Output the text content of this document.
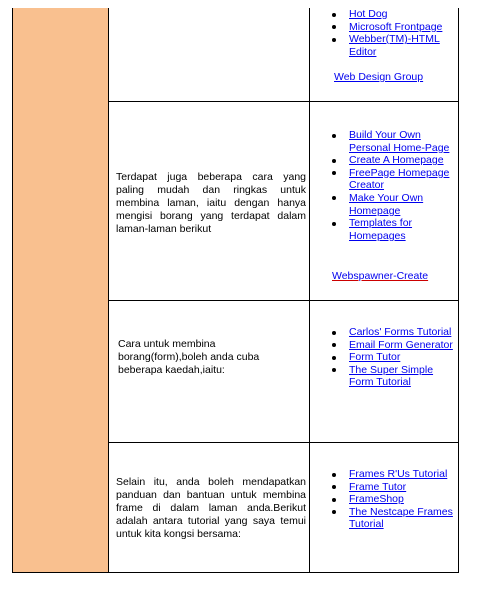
Hot Dog
Microsoft Frontpage
Webber(TM)-HTML Editor
Web Design Group
Terdapat juga beberapa cara yang paling mudah dan ringkas untuk membina laman, iaitu dengan hanya mengisi borang yang terdapat dalam laman-laman berikut
Build Your Own Personal Home-Page
Create A Homepage
FreePage Homepage Creator
Make Your Own Homepage
Templates for Homepages
Webspawner-Create
Cara untuk membina borang(form),boleh anda cuba beberapa kaedah,iaitu:
Carlos' Forms Tutorial
Email Form Generator
Form Tutor
The Super Simple Form Tutorial
Selain itu, anda boleh mendapatkan panduan dan bantuan untuk membina frame di dalam laman anda.Berikut adalah antara tutorial yang saya temui untuk kita kongsi bersama:
Frames R'Us Tutorial
Frame Tutor
FrameShop
The Nestcape Frames Tutorial
